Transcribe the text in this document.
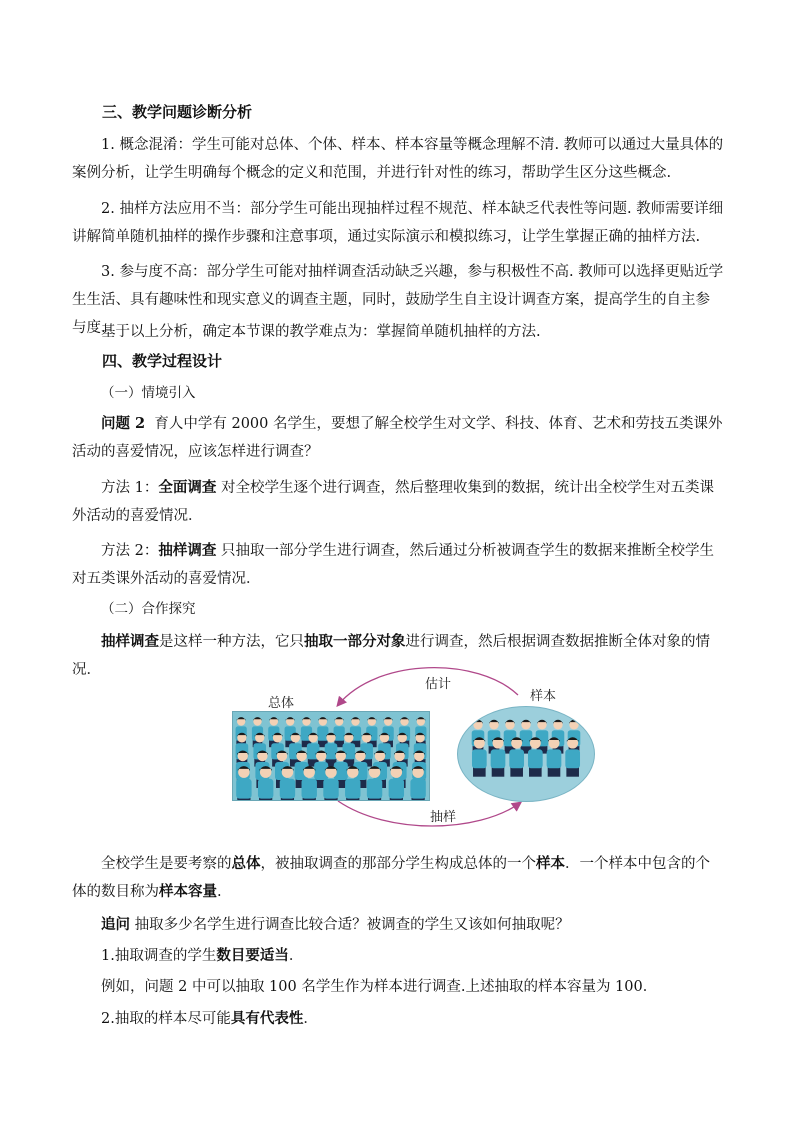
三、教学问题诊断分析

1. 概念混淆：学生可能对总体、个体、样本、样本容量等概念理解不清. 教师可以通过大量具体的案例分析，让学生明确每个概念的定义和范围，并进行针对性的练习，帮助学生区分这些概念.

2. 抽样方法应用不当：部分学生可能出现抽样过程不规范、样本缺乏代表性等问题. 教师需要详细讲解简单随机抽样的操作步骤和注意事项，通过实际演示和模拟练习，让学生掌握正确的抽样方法.

3. 参与度不高：部分学生可能对抽样调查活动缺乏兴趣，参与积极性不高. 教师可以选择更贴近学生生活、具有趣味性和现实意义的调查主题，同时，鼓励学生自主设计调查方案，提高学生的自主参与度.

基于以上分析，确定本节课的教学难点为：掌握简单随机抽样的方法.

四、教学过程设计

（一）情境引入

问题 2 育人中学有 2000 名学生，要想了解全校学生对文学、科技、体育、艺术和劳技五类课外活动的喜爱情况，应该怎样进行调查？

方法 1：全面调查 对全校学生逐个进行调查，然后整理收集到的数据，统计出全校学生对五类课外活动的喜爱情况．

方法 2：抽样调查 只抽取一部分学生进行调查，然后通过分析被调查学生的数据来推断全校学生对五类课外活动的喜爱情况．

（二）合作探究

抽样调查是这样一种方法，它只抽取一部分对象进行调查，然后根据调查数据推断全体对象的情况．

总体
估计
样本
抽样

全校学生是要考察的总体，被抽取调查的那部分学生构成总体的一个样本．一个样本中包含的个体的数目称为样本容量.

追问 抽取多少名学生进行调查比较合适？被调查的学生又该如何抽取呢？

1.抽取调查的学生数目要适当．

例如，问题 2 中可以抽取 100 名学生作为样本进行调查.上述抽取的样本容量为 100．

2.抽取的样本尽可能具有代表性．
